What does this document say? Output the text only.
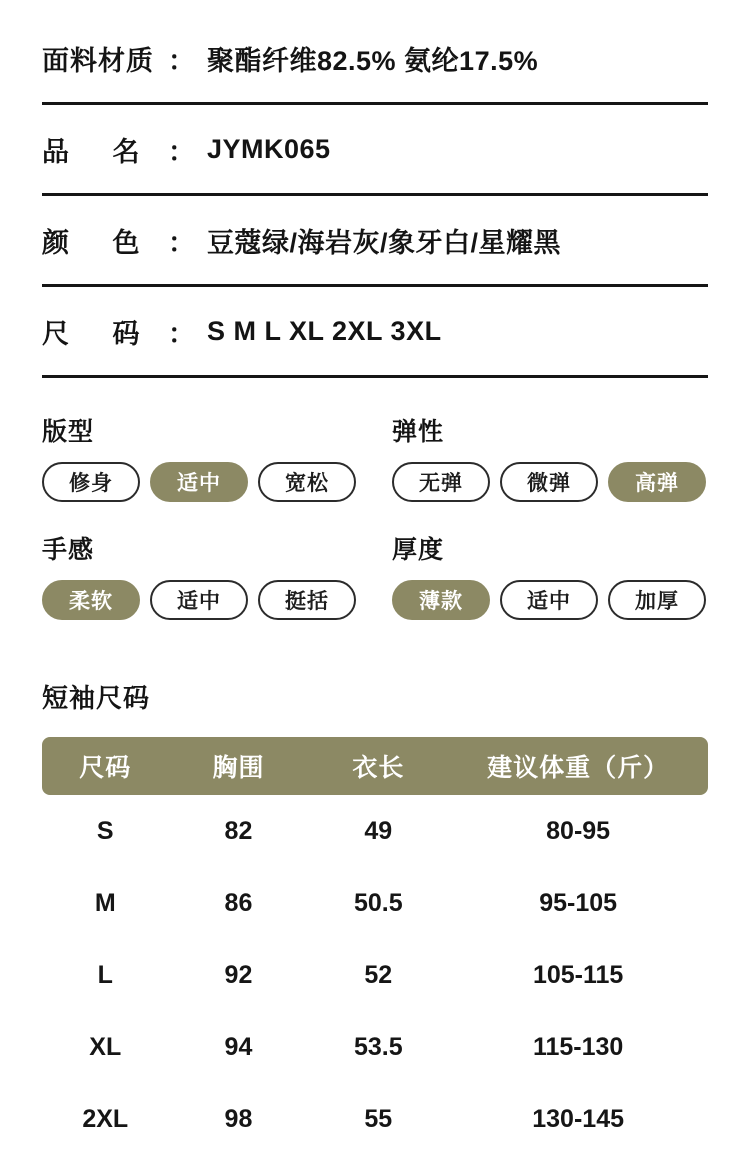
面料材质 ： 聚酯纤维82.5% 氨纶17.5%
品     名	： JYMK065
颜     色	： 豆蔻绿/海岩灰/象牙白/星耀黑
尺     码	： S M L XL 2XL 3XL
版型
修身	适中	宽松
弹性
无弹	微弹	高弹
手感
柔软	适中	挺括
厚度
薄款	适中	加厚
短袖尺码
尺码	胸围	衣长	建议体重（斤）
S	82	49	80-95
M	86	50.5	95-105
L	92	52	105-115
XL	94	53.5	115-130
2XL	98	55	130-145
